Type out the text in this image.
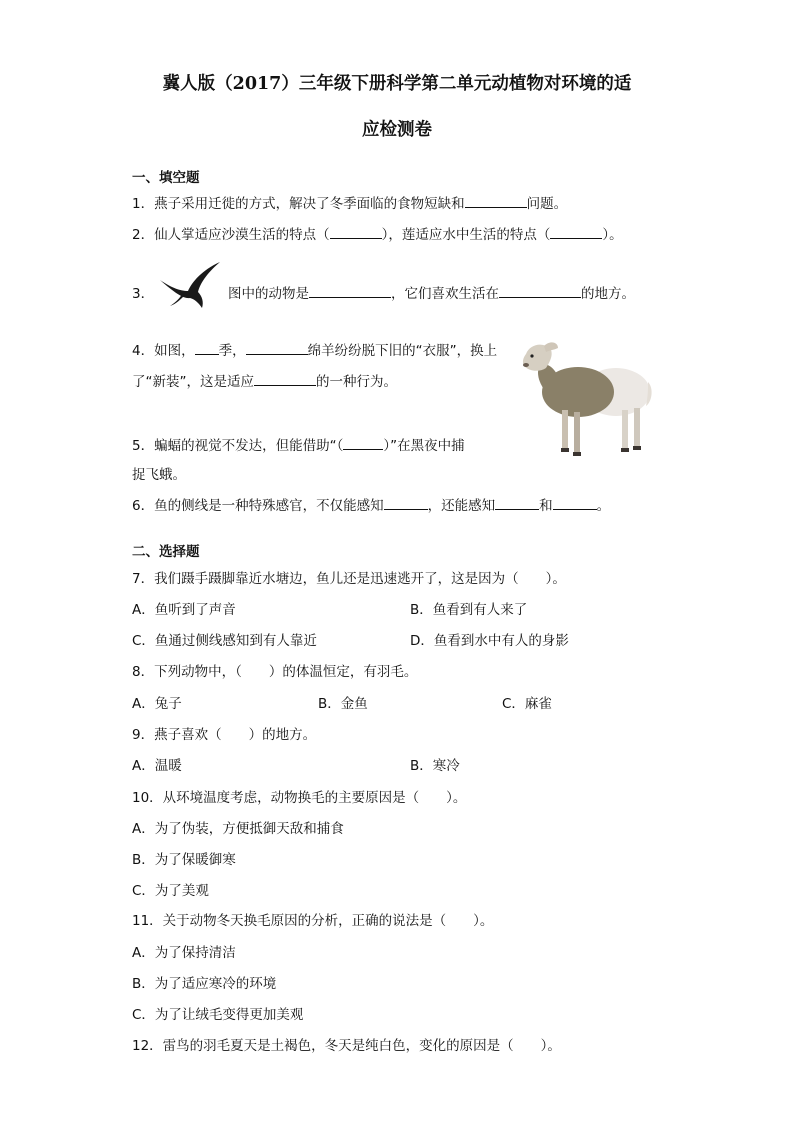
冀人版（2017）三年级下册科学第二单元动植物对环境的适
应检测卷
一、填空题
1．燕子采用迁徙的方式，解决了冬季面临的食物短缺和	问题。
2．仙人掌适应沙漠生活的特点（	），莲适应水中生活的特点（	）。
3．	图中的动物是	，它们喜欢生活在	的地方。
4．如图， 季，	绵羊纷纷脱下旧的“衣服”，换上
了“新装”，这是适应	的一种行为。
5．蝙蝠的视觉不发达，但能借助“（	）”在黑夜中捕
捉飞蛾。
6．鱼的侧线是一种特殊感官，不仅能感知	，还能感知	和	。
二、选择题
7．我们蹑手蹑脚靠近水塘边，鱼儿还是迅速逃开了，这是因为（　　）。
A．鱼听到了声音	B．鱼看到有人来了
C．鱼通过侧线感知到有人靠近	D．鱼看到水中有人的身影
8．下列动物中，（　　）的体温恒定，有羽毛。
A．兔子	B．金鱼	C．麻雀
9．燕子喜欢（　　）的地方。
A．温暖	B．寒冷
10．从环境温度考虑，动物换毛的主要原因是（　　）。
A．为了伪装，方便抵御天敌和捕食
B．为了保暖御寒
C．为了美观
11．关于动物冬天换毛原因的分析，正确的说法是（　　）。
A．为了保持清洁
B．为了适应寒冷的环境
C．为了让绒毛变得更加美观
12．雷鸟的羽毛夏天是土褐色，冬天是纯白色，变化的原因是（　　）。
